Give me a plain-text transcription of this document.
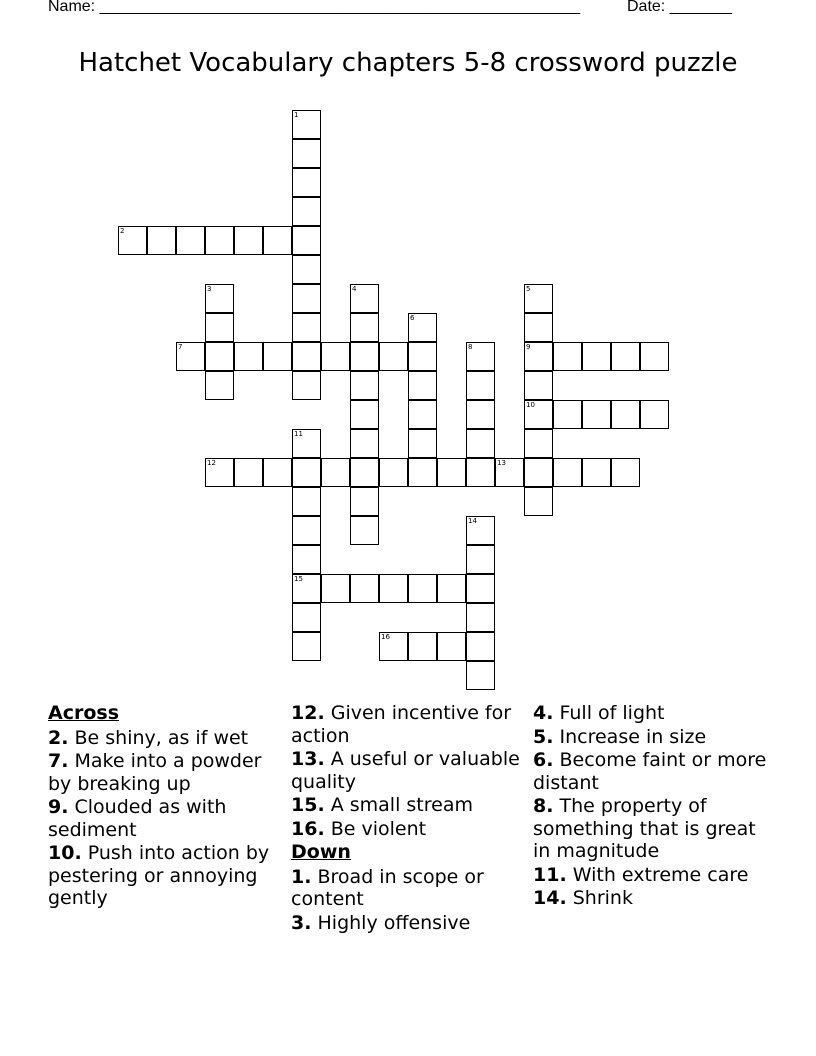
Name: ______________________________________________________	Date: _______
Hatchet Vocabulary chapters 5-8 crossword puzzle
1
2
3	4	5
9
10
6
7	8
11
15
12	13
14
16
Across
2. Be shiny, as if wet
7. Make into a powder by breaking up
9. Clouded as with sediment
10. Push into action by pestering or annoying gently
12. Given incentive for action
13. A useful or valuable quality
15. A small stream
16. Be violent
Down
1. Broad in scope or content
3. Highly offensive
4. Full of light
5. Increase in size
6. Become faint or more distant
8. The property of something that is great in magnitude
11. With extreme care
14. Shrink
